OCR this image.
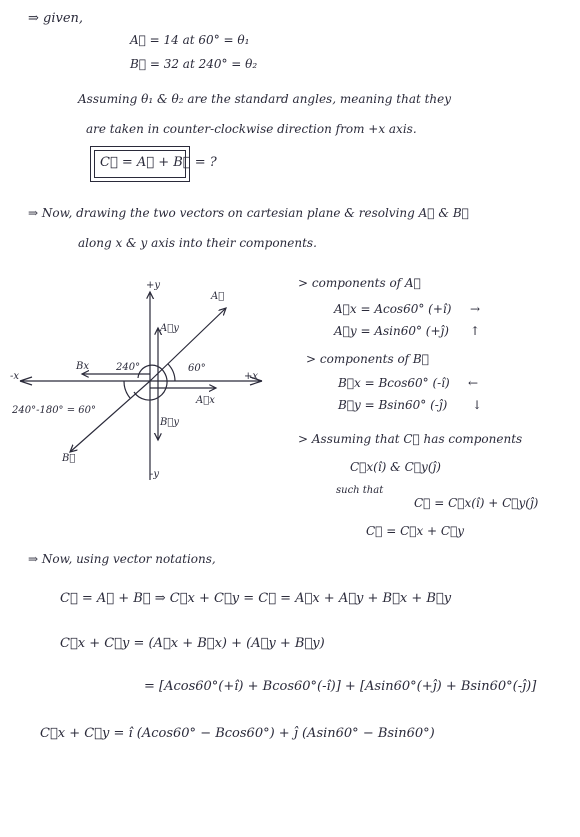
⇒ given,
A⃗ = 14 at 60° = θ₁
B⃗ = 32 at 240° = θ₂
Assuming θ₁ & θ₂ are the standard angles, meaning that they
are taken in counter-clockwise direction from +x axis.
C⃗ = A⃗ + B⃗ = ?
⇒ Now, drawing the two vectors on cartesian plane & resolving A⃗ & B⃗
along x & y axis into their components.
+y
-y
+x
-x
A⃗
B⃗
A⃗y
A⃗x
B⃗y
Bx	60°
240°
240°-180° = 60°
> components of A⃗
A⃗x = Acos60° (+î) →
A⃗y = Asin60° (+ĵ) ↑
> components of B⃗
B⃗x = Bcos60° (-î) ←
B⃗y = Bsin60° (-ĵ) ↓
> Assuming that C⃗ has components
C⃗x(î) & C⃗y(ĵ)
such that
C⃗ = C⃗x(î) + C⃗y(ĵ)
C⃗ = C⃗x + C⃗y
⇒ Now, using vector notations,
C⃗ = A⃗ + B⃗ ⇒ C⃗x + C⃗y = C⃗ = A⃗x + A⃗y + B⃗x + B⃗y
C⃗x + C⃗y = (A⃗x + B⃗x) + (A⃗y + B⃗y)
= [Acos60°(+î) + Bcos60°(-î)] + [Asin60°(+ĵ) + Bsin60°(-ĵ)]
C⃗x + C⃗y = î (Acos60° − Bcos60°) + ĵ (Asin60° − Bsin60°)
